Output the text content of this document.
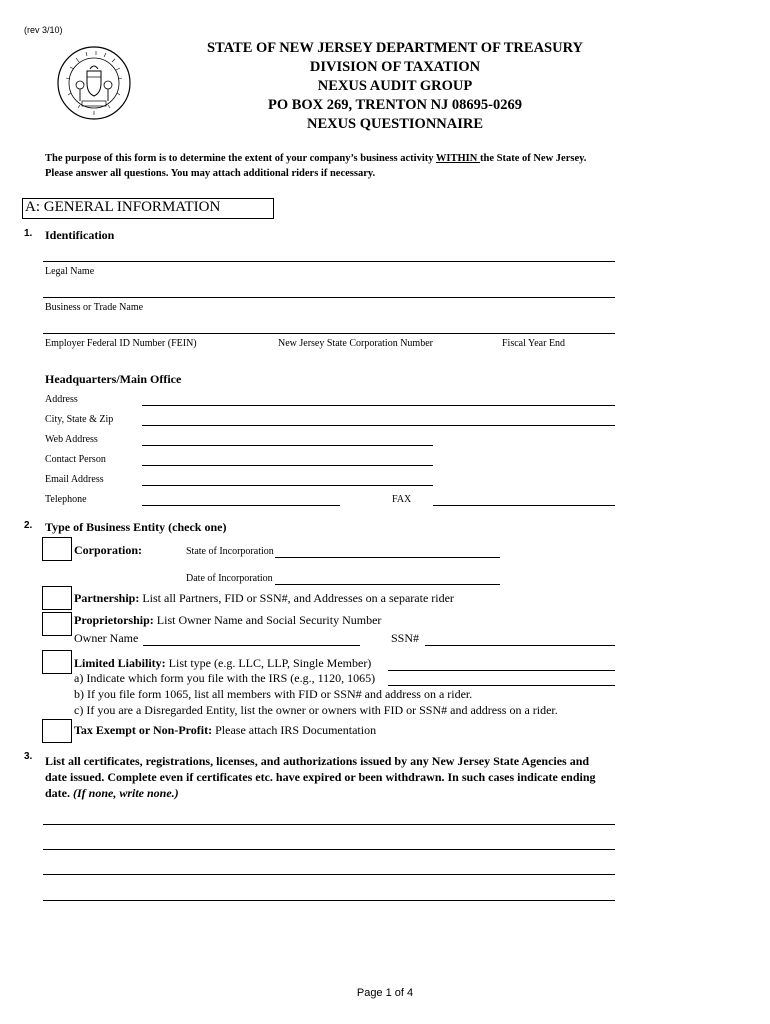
(rev 3/10)
STATE OF NEW JERSEY DEPARTMENT OF TREASURY
DIVISION OF TAXATION
NEXUS AUDIT GROUP
PO BOX 269, TRENTON NJ 08695-0269
NEXUS QUESTIONNAIRE
The purpose of this form is to determine the extent of your company’s business activity WITHIN the State of New Jersey.
Please answer all questions. You may attach additional riders if necessary.
A: GENERAL INFORMATION
1. Identification
Legal Name
Business or Trade Name
Employer Federal ID Number (FEIN)	New Jersey State Corporation Number	Fiscal Year End
Headquarters/Main Office
Address
City, State & Zip
Web Address
Contact Person
Email Address
Telephone	FAX
2. Type of Business Entity (check one)
Corporation:	State of Incorporation
Date of Incorporation
Partnership: List all Partners, FID or SSN#, and Addresses on a separate rider
Proprietorship: List Owner Name and Social Security Number
Owner Name	SSN#
Limited Liability: List type (e.g. LLC, LLP, Single Member)
a) Indicate which form you file with the IRS (e.g., 1120, 1065)
b) If you file form 1065, list all members with FID or SSN# and address on a rider.
c) If you are a Disregarded Entity, list the owner or owners with FID or SSN# and address on a rider.
Tax Exempt or Non-Profit: Please attach IRS Documentation
3. List all certificates, registrations, licenses, and authorizations issued by any New Jersey State Agencies and
date issued. Complete even if certificates etc. have expired or been withdrawn. In such cases indicate ending
date. (If none, write none.)
Page 1 of 4
